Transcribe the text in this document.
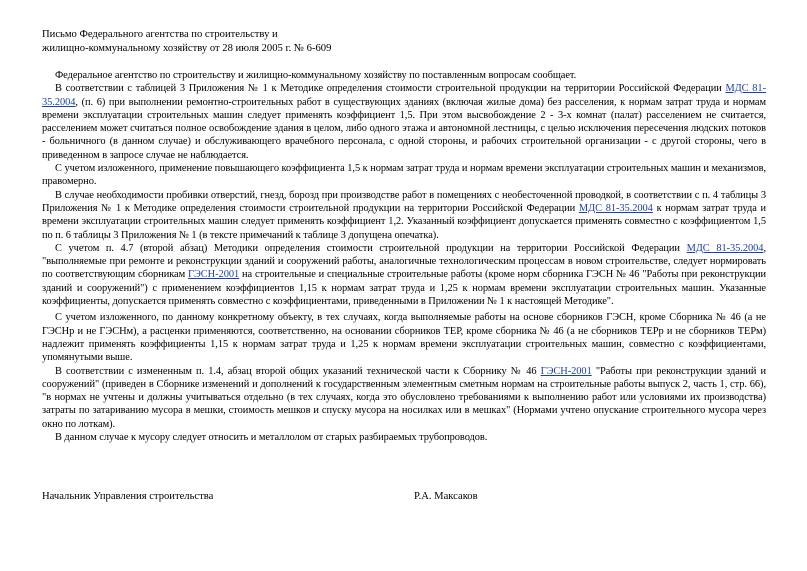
Письмо Федерального агентства по строительству и
жилищно-коммунальному хозяйству от 28 июля 2005 г. № 6-609

Федеральное агентство по строительству и жилищно-коммунальному хозяйству по поставленным вопросам сообщает.

В соответствии с таблицей 3 Приложения № 1 к Методике определения стоимости строительной продукции на территории Российской Федерации МДС 81-35.2004, (п. 6) при выполнении ремонтно-строительных работ в существующих зданиях (включая жилые дома) без расселения, к нормам затрат труда и нормам времени эксплуатации строительных машин следует применять коэффициент 1,5. При этом высвобождение 2 - 3-х комнат (палат) расселением не считается, расселением может считаться полное освобождение здания в целом, либо одного этажа и автономной лестницы, с целью исключения пересечения людских потоков - больничного (в данном случае) и обслуживающего врачебного персонала, с одной стороны, и рабочих строительной организации - с другой стороны, чего в приведенном в запросе случае не наблюдается.

С учетом изложенного, применение повышающего коэффициента 1,5 к нормам затрат труда и нормам времени эксплуатации строительных машин и механизмов, правомерно.

В случае необходимости пробивки отверстий, гнезд, борозд при производстве работ в помещениях с необесточенной проводкой, в соответствии с п. 4 таблицы 3 Приложения № 1 к Методике определения стоимости строительной продукции на территории Российской Федерации МДС 81-35.2004 к нормам затрат труда и времени эксплуатации строительных машин следует применять коэффициент 1,2. Указанный коэффициент допускается применять совместно с коэффициентом 1,5 по п. 6 таблицы 3 Приложения № 1 (в тексте примечаний к таблице 3 допущена опечатка).

С учетом п. 4.7 (второй абзац) Методики определения стоимости строительной продукции на территории Российской Федерации МДС 81-35.2004, "выполняемые при ремонте и реконструкции зданий и сооружений работы, аналогичные технологическим процессам в новом строительстве, следует нормировать по соответствующим сборникам ГЭСН-2001 на строительные и специальные строительные работы (кроме норм сборника ГЭСН № 46 "Работы при реконструкции зданий и сооружений") с применением коэффициентов 1,15 к нормам затрат труда и 1,25 к нормам времени эксплуатации строительных машин. Указанные коэффициенты, допускается применять совместно с коэффициентами, приведенными в Приложении № 1 к настоящей Методике".

С учетом изложенного, по данному конкретному объекту, в тех случаях, когда выполняемые работы на основе сборников ГЭСН, кроме Сборника № 46 (а не ГЭСНр и не ГЭСНм), а расценки применяются, соответственно, на основании сборников ТЕР, кроме сборника № 46 (а не сборников ТЕРр и не сборников ТЕРм) надлежит применять коэффициенты 1,15 к нормам затрат труда и 1,25 к нормам времени эксплуатации строительных машин, совместно с коэффициентами, упомянутыми выше.

В соответствии с измененным п. 1.4, абзац второй общих указаний технической части к Сборнику № 46 ГЭСН-2001 "Работы при реконструкции зданий и сооружений" (приведен в Сборнике изменений и дополнений к государственным элементным сметным нормам на строительные работы выпуск 2, часть 1, стр. 66), "в нормах не учтены и должны учитываться отдельно (в тех случаях, когда это обусловлено требованиями к выполнению работ или условиями их производства) затраты по затариванию мусора в мешки, стоимость мешков и спуску мусора на носилках или в мешках" (Нормами учтено опускание строительного мусора через окно по лоткам).

В данном случае к мусору следует относить и металлолом от старых разбираемых трубопроводов.

Начальник Управления строительства	Р.А. Максаков
